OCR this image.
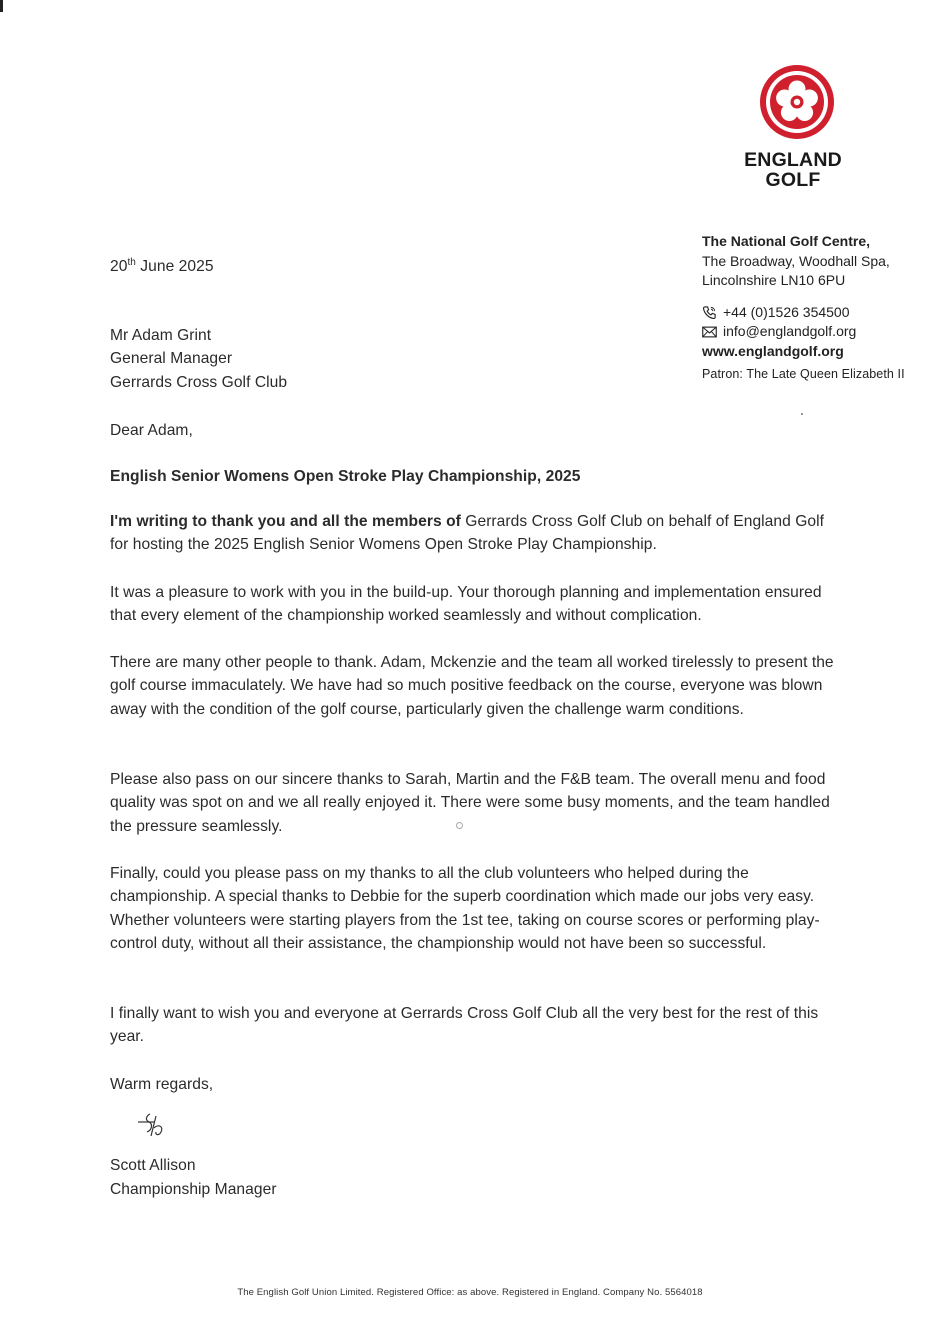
ENGLAND
GOLF
The National Golf Centre,
The Broadway, Woodhall Spa,
Lincolnshire LN10 6PU
+44 (0)1526 354500
info@englandgolf.org
www.englandgolf.org
Patron: The Late Queen Elizabeth II
20th June 2025
Mr Adam Grint
General Manager
Gerrards Cross Golf Club
Dear Adam,
English Senior Womens Open Stroke Play Championship, 2025

I'm writing to thank you and all the members of Gerrards Cross Golf Club on behalf of England Golf for hosting the 2025 English Senior Womens Open Stroke Play Championship.

It was a pleasure to work with you in the build-up. Your thorough planning and implementation ensured that every element of the championship worked seamlessly and without complication.

There are many other people to thank. Adam, Mckenzie and the team all worked tirelessly to present the golf course immaculately. We have had so much positive feedback on the course, everyone was blown away with the condition of the golf course, particularly given the challenge warm conditions.

Please also pass on our sincere thanks to Sarah, Martin and the F&B team. The overall menu and food quality was spot on and we all really enjoyed it. There were some busy moments, and the team handled the pressure seamlessly.

Finally, could you please pass on my thanks to all the club volunteers who helped during the championship. A special thanks to Debbie for the superb coordination which made our jobs very easy. Whether volunteers were starting players from the 1st tee, taking on course scores or performing play-control duty, without all their assistance, the championship would not have been so successful.

I finally want to wish you and everyone at Gerrards Cross Golf Club all the very best for the rest of this year.

Warm regards,
Scott Allison
Championship Manager
The English Golf Union Limited. Registered Office: as above. Registered in England. Company No. 5564018
